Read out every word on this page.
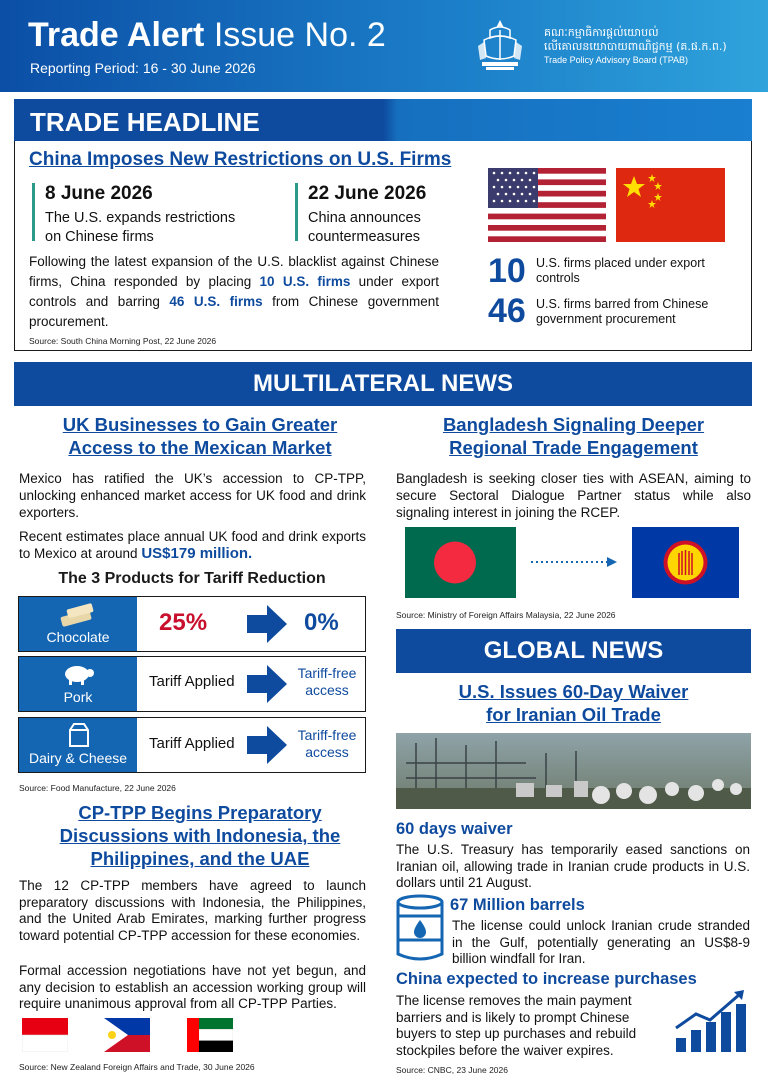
Trade Alert Issue No. 2
Reporting Period: 16 - 30 June 2026
គណៈកម្មាធិការផ្តល់យោបល់
លើគោលនយោបាយពាណិជ្ជកម្ម (គ.ផ.ក.ព.)
Trade Policy Advisory Board (TPAB)
TRADE HEADLINE
China Imposes New Restrictions on U.S. Firms
8 June 2026
The U.S. expands restrictions
on Chinese firms
22 June 2026
China announces
countermeasures
Following the latest expansion of the U.S. blacklist against Chinese firms, China responded by placing 10 U.S. firms under export controls and barring 46 U.S. firms from Chinese government procurement.
Source: South China Morning Post, 22 June 2026
10 U.S. firms placed under export
controls
46 U.S. firms barred from Chinese
government procurement
MULTILATERAL NEWS
UK Businesses to Gain Greater
Access to the Mexican Market
Mexico has ratified the UK’s accession to CP-TPP, unlocking enhanced market access for UK food and drink exporters.
Recent estimates place annual UK food and drink exports to Mexico at around US$179 million.
The 3 Products for Tariff Reduction
Chocolate
25%	0%
Pork
Tariff Applied	Tariff-free
access
Dairy & Cheese
Tariff Applied	Tariff-free
access
Source: Food Manufacture, 22 June 2026
CP-TPP Begins Preparatory
Discussions with Indonesia, the
Philippines, and the UAE
The 12 CP-TPP members have agreed to launch preparatory discussions with Indonesia, the Philippines, and the United Arab Emirates, marking further progress toward potential CP-TPP accession for these economies.
Formal accession negotiations have not yet begun, and any decision to establish an accession working group will require unanimous approval from all CP-TPP Parties.
Source: New Zealand Foreign Affairs and Trade, 30 June 2026
Bangladesh Signaling Deeper
Regional Trade Engagement
Bangladesh is seeking closer ties with ASEAN, aiming to secure Sectoral Dialogue Partner status while also signaling interest in joining the RCEP.
Source: Ministry of Foreign Affairs Malaysia, 22 June 2026
GLOBAL NEWS
U.S. Issues 60-Day Waiver
for Iranian Oil Trade
60 days waiver
The U.S. Treasury has temporarily eased sanctions on Iranian oil, allowing trade in Iranian crude products in U.S. dollars until 21 August.
67 Million barrels
The license could unlock Iranian crude stranded in the Gulf, potentially generating an US$8-9 billion windfall for Iran.
China expected to increase purchases
The license removes the main payment barriers and is likely to prompt Chinese buyers to step up purchases and rebuild stockpiles before the waiver expires.
Source: CNBC, 23 June 2026
